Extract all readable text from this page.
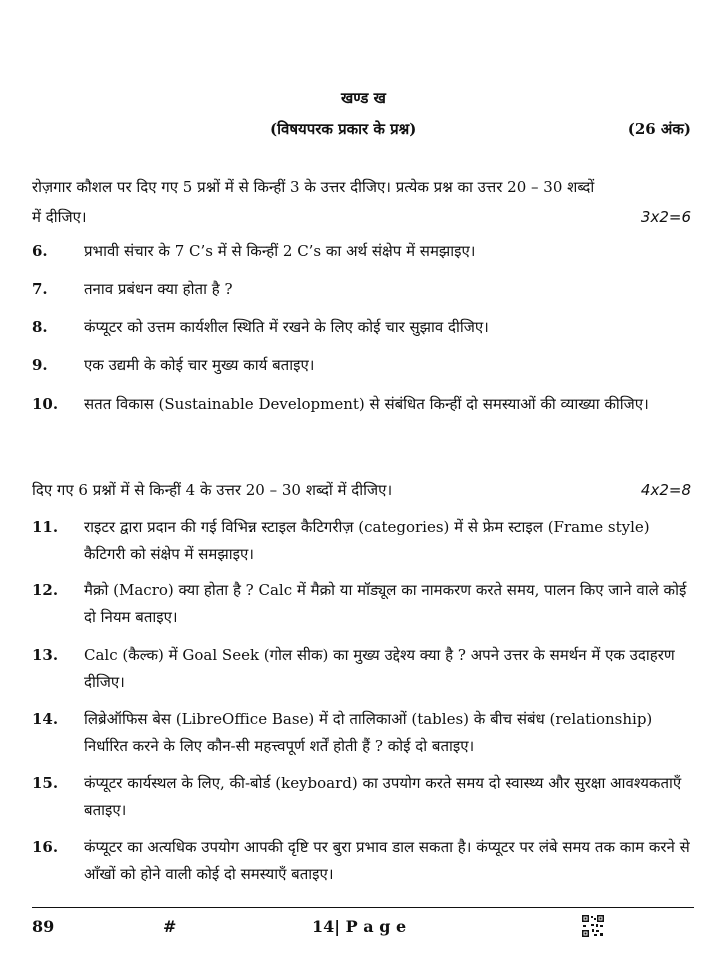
खण्ड ख
(विषयपरक प्रकार के प्रश्न)	(26 अंक)
रोज़गार कौशल पर दिए गए 5 प्रश्नों में से किन्हीं 3 के उत्तर दीजिए। प्रत्येक प्रश्न का उत्तर 20 – 30 शब्दों
में दीजिए।	3x2=6
6.	प्रभावी संचार के 7 C’s में से किन्हीं 2 C’s का अर्थ संक्षेप में समझाइए।
7.	तनाव प्रबंधन क्या होता है ?
8.	कंप्यूटर को उत्तम कार्यशील स्थिति में रखने के लिए कोई चार सुझाव दीजिए।
9.	एक उद्यमी के कोई चार मुख्य कार्य बताइए।
10.	सतत विकास (Sustainable Development) से संबंधित किन्हीं दो समस्याओं की व्याख्या कीजिए।
दिए गए 6 प्रश्नों में से किन्हीं 4 के उत्तर 20 – 30 शब्दों में दीजिए।	4x2=8
11.	राइटर द्वारा प्रदान की गई विभिन्न स्टाइल कैटिगरीज़ (categories) में से फ्रेम स्टाइल (Frame style) कैटिगरी को संक्षेप में समझाइए।
12.	मैक्रो (Macro) क्या होता है ? Calc में मैक्रो या मॉड्यूल का नामकरण करते समय, पालन किए जाने वाले कोई दो नियम बताइए।
13.	Calc (कैल्क) में Goal Seek (गोल सीक) का मुख्य उद्देश्य क्या है ? अपने उत्तर के समर्थन में एक उदाहरण दीजिए।
14.	लिब्रेऑफिस बेस (LibreOffice Base) में दो तालिकाओं (tables) के बीच संबंध (relationship) निर्धारित करने के लिए कौन-सी महत्त्वपूर्ण शर्तें होती हैं ? कोई दो बताइए।
15.	कंप्यूटर कार्यस्थल के लिए, की-बोर्ड (keyboard) का उपयोग करते समय दो स्वास्थ्य और सुरक्षा आवश्यकताएँ बताइए।
16.	कंप्यूटर का अत्यधिक उपयोग आपकी दृष्टि पर बुरा प्रभाव डाल सकता है। कंप्यूटर पर लंबे समय तक काम करने से आँखों को होने वाली कोई दो समस्याएँ बताइए।
89	#	14| P a g e
